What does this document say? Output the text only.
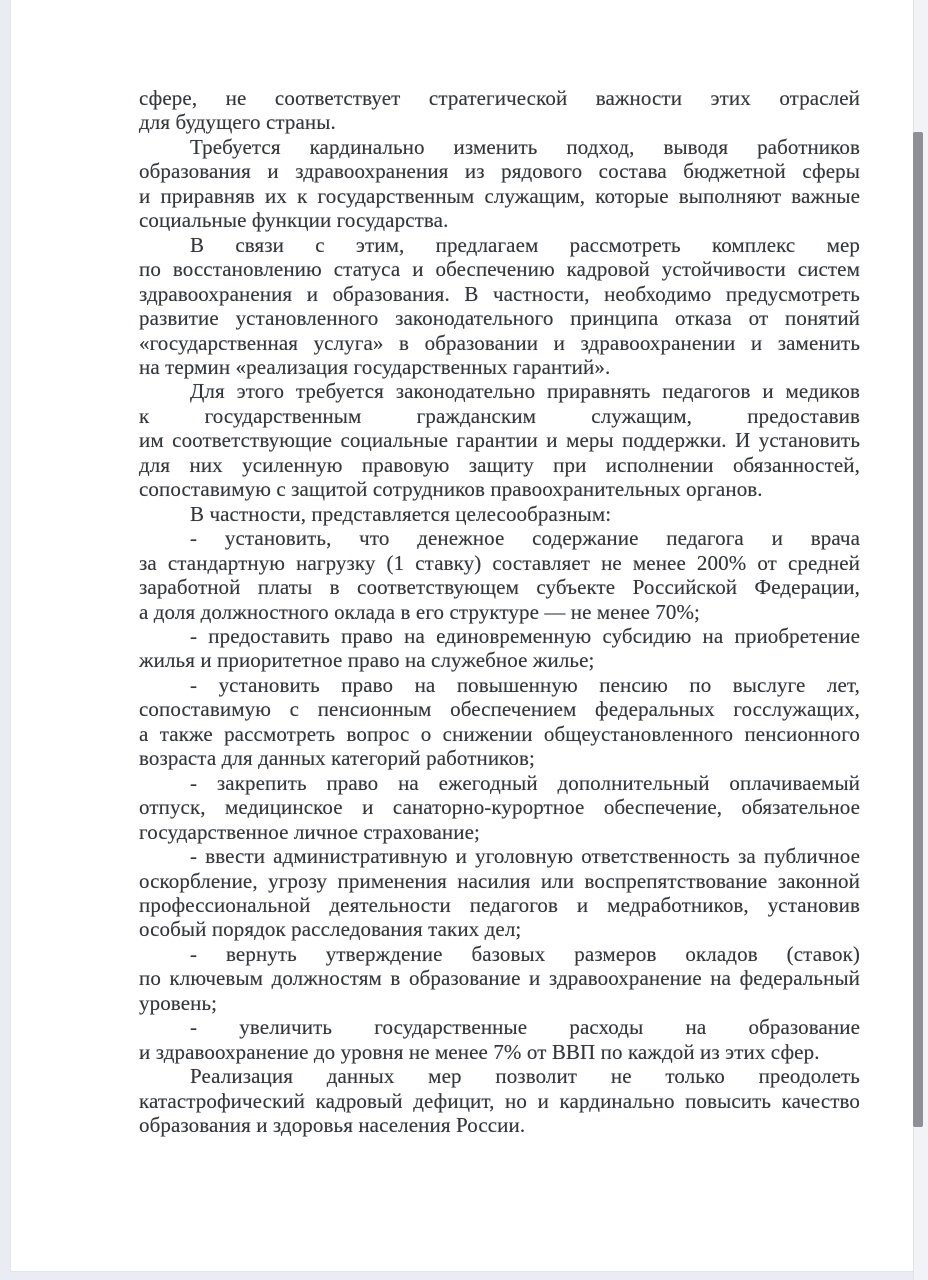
сфере, не соответствует стратегической важности этих отраслей
для будущего страны.
Требуется кардинально изменить подход, выводя работников
образования и здравоохранения из рядового состава бюджетной сферы
и приравняв их к государственным служащим, которые выполняют важные
социальные функции государства.
В связи с этим, предлагаем рассмотреть комплекс мер
по восстановлению статуса и обеспечению кадровой устойчивости систем
здравоохранения и образования. В частности, необходимо предусмотреть
развитие установленного законодательного принципа отказа от понятий
«государственная услуга» в образовании и здравоохранении и заменить
на термин «реализация государственных гарантий».
Для этого требуется законодательно приравнять педагогов и медиков
к государственным гражданским служащим, предоставив
им соответствующие социальные гарантии и меры поддержки. И установить
для них усиленную правовую защиту при исполнении обязанностей,
сопоставимую с защитой сотрудников правоохранительных органов.
В частности, представляется целесообразным:
- установить, что денежное содержание педагога и врача
за стандартную нагрузку (1 ставку) составляет не менее 200% от средней
заработной платы в соответствующем субъекте Российской Федерации,
а доля должностного оклада в его структуре — не менее 70%;
- предоставить право на единовременную субсидию на приобретение
жилья и приоритетное право на служебное жилье;
- установить право на повышенную пенсию по выслуге лет,
сопоставимую с пенсионным обеспечением федеральных госслужащих,
а также рассмотреть вопрос о снижении общеустановленного пенсионного
возраста для данных категорий работников;
- закрепить право на ежегодный дополнительный оплачиваемый
отпуск, медицинское и санаторно-курортное обеспечение, обязательное
государственное личное страхование;
- ввести административную и уголовную ответственность за публичное
оскорбление, угрозу применения насилия или воспрепятствование законной
профессиональной деятельности педагогов и медработников, установив
особый порядок расследования таких дел;
- вернуть утверждение базовых размеров окладов (ставок)
по ключевым должностям в образование и здравоохранение на федеральный
уровень;
- увеличить государственные расходы на образование
и здравоохранение до уровня не менее 7% от ВВП по каждой из этих сфер.
Реализация данных мер позволит не только преодолеть
катастрофический кадровый дефицит, но и кардинально повысить качество
образования и здоровья населения России.
